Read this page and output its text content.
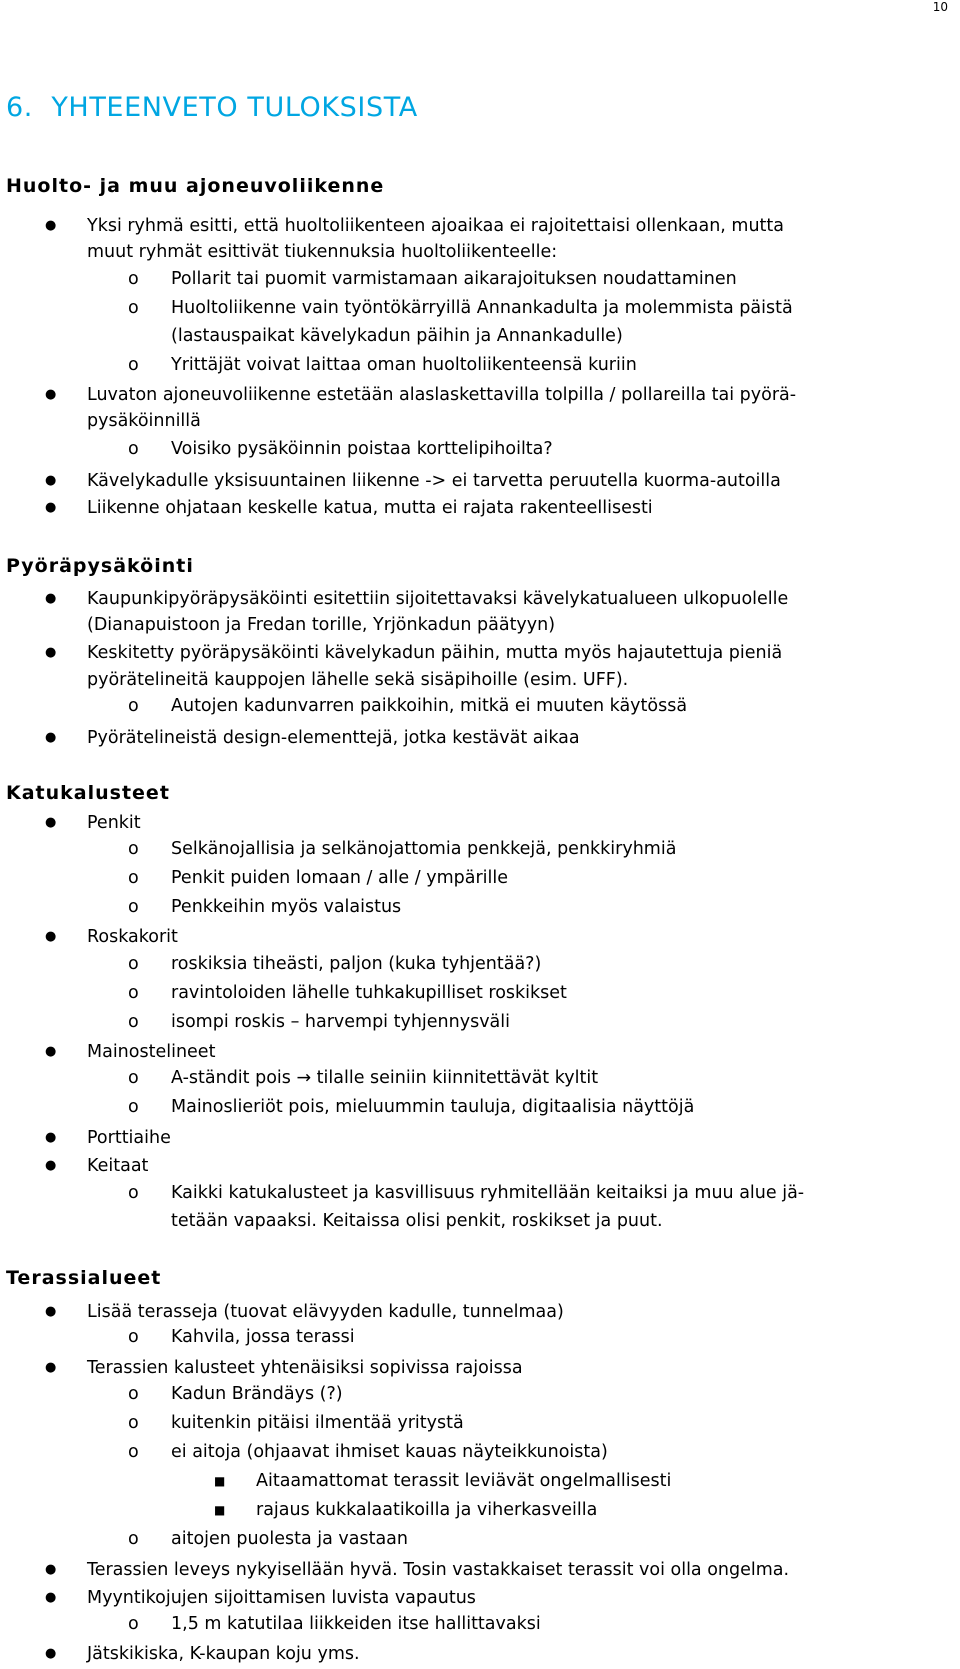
10
6.  YHTEENVETO TULOKSISTA
Huolto- ja muu ajoneuvoliikenne
● Yksi ryhmä esitti, että huoltoliikenteen ajoaikaa ei rajoitettaisi ollenkaan, mutta
muut ryhmät esittivät tiukennuksia huoltoliikenteelle:
o Pollarit tai puomit varmistamaan aikarajoituksen noudattaminen
o Huoltoliikenne vain työntökärryillä Annankadulta ja molemmista päistä
(lastauspaikat kävelykadun päihin ja Annankadulle)
o Yrittäjät voivat laittaa oman huoltoliikenteensä kuriin
● Luvaton ajoneuvoliikenne estetään alaslaskettavilla tolpilla / pollareilla tai pyörä-
pysäköinnillä
o Voisiko pysäköinnin poistaa korttelipihoilta?
● Kävelykadulle yksisuuntainen liikenne -> ei tarvetta peruutella kuorma-autoilla
● Liikenne ohjataan keskelle katua, mutta ei rajata rakenteellisesti
Pyöräpysäköinti
● Kaupunkipyöräpysäköinti esitettiin sijoitettavaksi kävelykatualueen ulkopuolelle
(Dianapuistoon ja Fredan torille, Yrjönkadun päätyyn)
● Keskitetty pyöräpysäköinti kävelykadun päihin, mutta myös hajautettuja pieniä
pyörätelineitä kauppojen lähelle sekä sisäpihoille (esim. UFF).
o Autojen kadunvarren paikkoihin, mitkä ei muuten käytössä
● Pyörätelineistä design-elementtejä, jotka kestävät aikaa
Katukalusteet
● Penkit
o Selkänojallisia ja selkänojattomia penkkejä, penkkiryhmiä
o Penkit puiden lomaan / alle / ympärille
o Penkkeihin myös valaistus
● Roskakorit
o roskiksia tiheästi, paljon (kuka tyhjentää?)
o ravintoloiden lähelle tuhkakupilliset roskikset
o isompi roskis – harvempi tyhjennysväli
● Mainostelineet
o A-ständit pois → tilalle seiniin kiinnitettävät kyltit
o Mainoslieriöt pois, mieluummin tauluja, digitaalisia näyttöjä
● Porttiaihe
● Keitaat
o Kaikki katukalusteet ja kasvillisuus ryhmitellään keitaiksi ja muu alue jä-
tetään vapaaksi. Keitaissa olisi penkit, roskikset ja puut.
Terassialueet
● Lisää terasseja (tuovat elävyyden kadulle, tunnelmaa)
o Kahvila, jossa terassi
● Terassien kalusteet yhtenäisiksi sopivissa rajoissa
o Kadun Brändäys (?)
o kuitenkin pitäisi ilmentää yritystä
o ei aitoja (ohjaavat ihmiset kauas näyteikkunoista)
■ Aitaamattomat terassit leviävät ongelmallisesti
■ rajaus kukkalaatikoilla ja viherkasveilla
o aitojen puolesta ja vastaan
● Terassien leveys nykyisellään hyvä. Tosin vastakkaiset terassit voi olla ongelma.
● Myyntikojujen sijoittamisen luvista vapautus
o 1,5 m katutilaa liikkeiden itse hallittavaksi
● Jätskikiska, K-kaupan koju yms.
